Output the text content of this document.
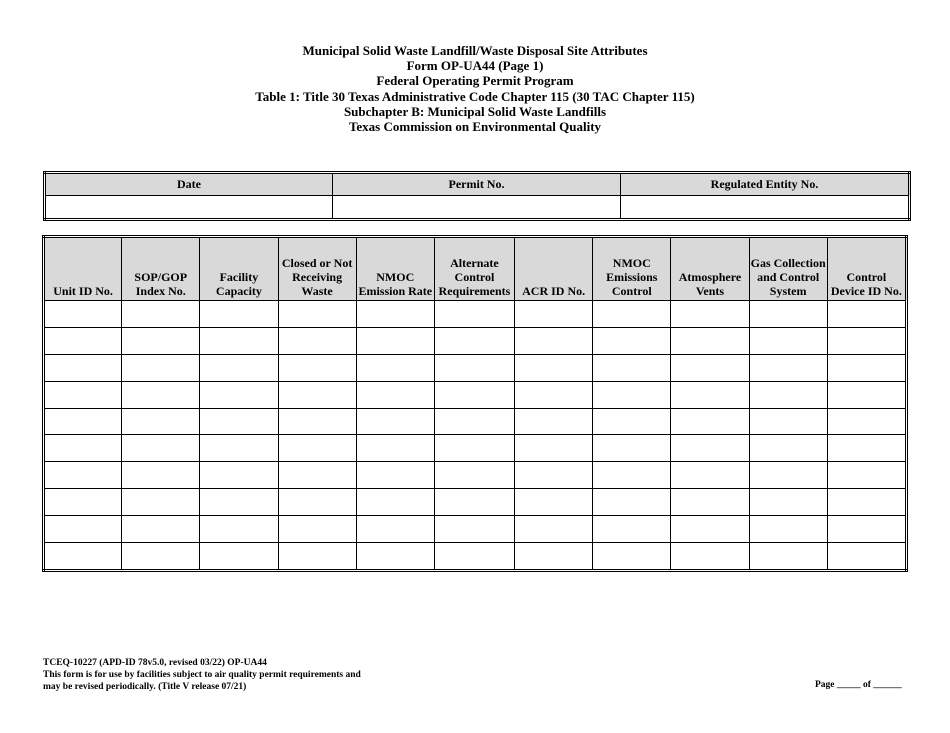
Municipal Solid Waste Landfill/Waste Disposal Site Attributes
Form OP-UA44 (Page 1)
Federal Operating Permit Program
Table 1: Title 30 Texas Administrative Code Chapter 115 (30 TAC Chapter 115)
Subchapter B: Municipal Solid Waste Landfills
Texas Commission on Environmental Quality
Date	Permit No.	Regulated Entity No.

Unit ID No.	SOP/GOP Index No.	Facility Capacity	Closed or Not Receiving Waste	NMOC Emission Rate	Alternate Control Requirements	ACR ID No.	NMOC Emissions Control	Atmosphere Vents	Gas Collection and Control System	Control Device ID No.

TCEQ-10227 (APD-ID 78v5.0, revised 03/22) OP-UA44
This form is for use by facilities subject to air quality permit requirements and
may be revised periodically. (Title V release 07/21)	Page _____ of ______
